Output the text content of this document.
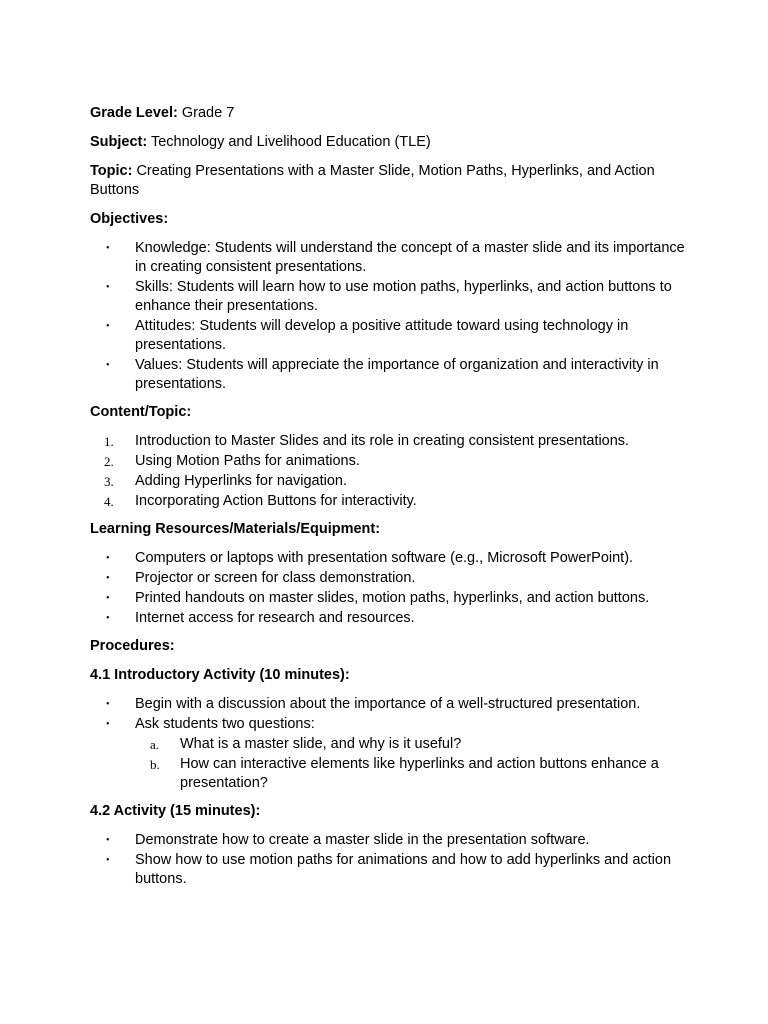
Grade Level: Grade 7

Subject: Technology and Livelihood Education (TLE)

Topic: Creating Presentations with a Master Slide, Motion Paths, Hyperlinks, and Action Buttons

Objectives:
•	Knowledge: Students will understand the concept of a master slide and its importance in creating consistent presentations.
•	Skills: Students will learn how to use motion paths, hyperlinks, and action buttons to enhance their presentations.
•	Attitudes: Students will develop a positive attitude toward using technology in presentations.
•	Values: Students will appreciate the importance of organization and interactivity in presentations.
Content/Topic:
1.	Introduction to Master Slides and its role in creating consistent presentations.
2.	Using Motion Paths for animations.
3.	Adding Hyperlinks for navigation.
4.	Incorporating Action Buttons for interactivity.
Learning Resources/Materials/Equipment:
•	Computers or laptops with presentation software (e.g., Microsoft PowerPoint).
•	Projector or screen for class demonstration.
•	Printed handouts on master slides, motion paths, hyperlinks, and action buttons.
•	Internet access for research and resources.
Procedures:
4.1 Introductory Activity (10 minutes):
•	Begin with a discussion about the importance of a well-structured presentation.
•	Ask students two questions:
a.	What is a master slide, and why is it useful?
b.	How can interactive elements like hyperlinks and action buttons enhance a presentation?
4.2 Activity (15 minutes):
•	Demonstrate how to create a master slide in the presentation software.
•	Show how to use motion paths for animations and how to add hyperlinks and action buttons.
